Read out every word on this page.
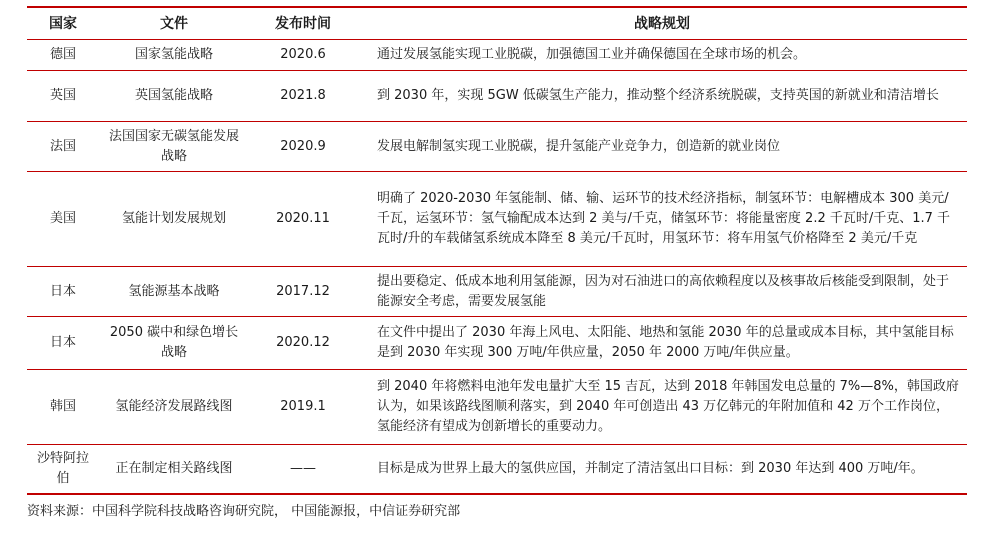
国家	文件	发布时间	战略规划
德国	国家氢能战略	2020.6	通过发展氢能实现工业脱碳，加强德国工业并确保德国在全球市场的机会。
英国	英国氢能战略	2021.8	到 2030 年，实现 5GW 低碳氢生产能力，推动整个经济系统脱碳，支持英国的新就业和清洁增长
法国	法国国家无碳氢能发展战略	2020.9	发展电解制氢实现工业脱碳，提升氢能产业竞争力，创造新的就业岗位
美国	氢能计划发展规划	2020.11	明确了 2020-2030 年氢能制、储、输、运环节的技术经济指标，制氢环节：电解槽成本 300 美元/千瓦，运氢环节：氢气输配成本达到 2 美与/千克，储氢环节：将能量密度 2.2 千瓦时/千克、1.7 千瓦时/升的车载储氢系统成本降至 8 美元/千瓦时，用氢环节：将车用氢气价格降至 2 美元/千克
日本	氢能源基本战略	2017.12	提出要稳定、低成本地利用氢能源，因为对石油进口的高依赖程度以及核事故后核能受到限制，处于能源安全考虑，需要发展氢能
日本	2050 碳中和绿色增长战略	2020.12	在文件中提出了 2030 年海上风电、太阳能、地热和氢能 2030 年的总量或成本目标，其中氢能目标是到 2030 年实现 300 万吨/年供应量，2050 年 2000 万吨/年供应量。
韩国	氢能经济发展路线图	2019.1	到 2040 年将燃料电池年发电量扩大至 15 吉瓦，达到 2018 年韩国发电总量的 7%—8%，韩国政府认为，如果该路线图顺利落实，到 2040 年可创造出 43 万亿韩元的年附加值和 42 万个工作岗位，氢能经济有望成为创新增长的重要动力。
沙特阿拉伯	正在制定相关路线图	——	目标是成为世界上最大的氢供应国，并制定了清洁氢出口目标：到 2030 年达到 400 万吨/年。
资料来源：中国科学院科技战略咨询研究院， 中国能源报，中信证券研究部
